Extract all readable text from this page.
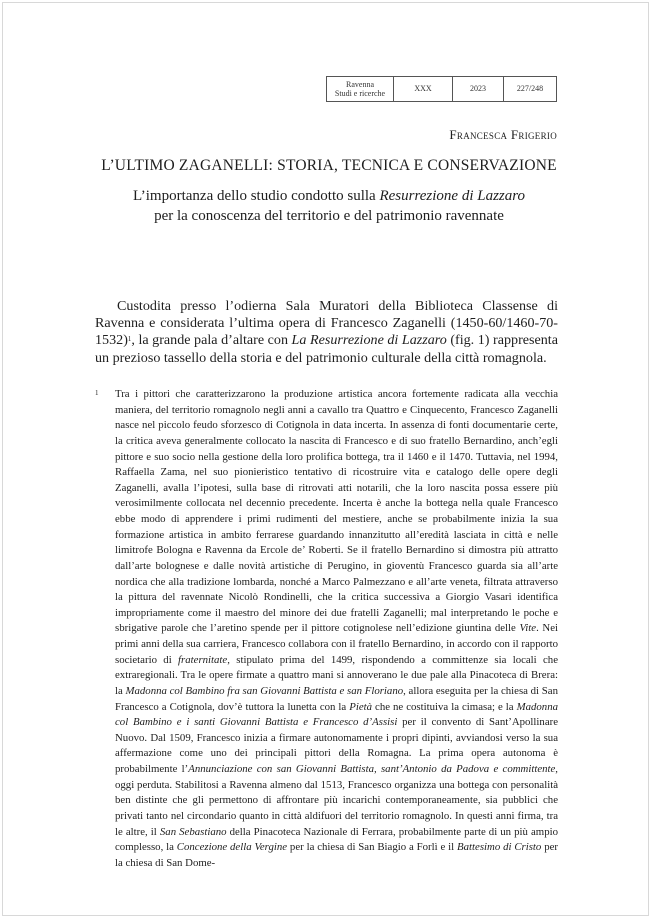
Ravenna
Studi e ricerche	XXX	2023	227/248
Francesca Frigerio
L’ULTIMO ZAGANELLI: STORIA, TECNICA E CONSERVAZIONE
L’importanza dello studio condotto sulla Resurrezione di Lazzaro
per la conoscenza del territorio e del patrimonio ravennate

Custodita presso l’odierna Sala Muratori della Biblioteca Classense di Ravenna e considerata l’ultima opera di Francesco Zaganelli $(1450-60/1460-70-1532)^1$, la grande pala d’altare con La Resurrezione di Lazzaro (fig. 1) rappresenta un prezioso tassello della storia e del patrimonio culturale della città romagnola.

1 Tra i pittori che caratterizzarono la produzione artistica ancora fortemente radicata alla vecchia maniera, del territorio romagnolo negli anni a cavallo tra Quattro e Cinquecento, Francesco Zaganelli nasce nel piccolo feudo sforzesco di Cotignola in data incerta. In assenza di fonti documentarie certe, la critica aveva generalmente collocato la nascita di Francesco e di suo fratello Bernardino, anch’egli pittore e suo socio nella gestione della loro prolifica bottega, tra il 1460 e il 1470. Tuttavia, nel 1994, Raffaella Zama, nel suo pionieristico tentativo di ricostruire vita e catalogo delle opere degli Zaganelli, avalla l’ipotesi, sulla base di ritrovati atti notarili, che la loro nascita possa essere più verosimilmente collocata nel decennio precedente. Incerta è anche la bottega nella quale Francesco ebbe modo di apprendere i primi rudimenti del mestiere, anche se probabilmente inizia la sua formazione artistica in ambito ferrarese guardando innanzitutto all’eredità lasciata in città e nelle limitrofe Bologna e Ravenna da Ercole de’ Roberti. Se il fratello Bernardino si dimostra più attratto dall’arte bolognese e dalle novità artistiche di Perugino, in gioventù Francesco guarda sia all’arte nordica che alla tradizione lombarda, nonché a Marco Palmezzano e all’arte veneta, filtrata attraverso la pittura del ravennate Nicolò Rondinelli, che la critica successiva a Giorgio Vasari identifica impropriamente come il maestro del minore dei due fratelli Zaganelli; mal interpretando le poche e sbrigative parole che l’aretino spende per il pittore cotignolese nell’edizione giuntina delle Vite. Nei primi anni della sua carriera, Francesco collabora con il fratello Bernardino, in accordo con il rapporto societario di fraternitate, stipulato prima del 1499, rispondendo a committenze sia locali che extraregionali. Tra le opere firmate a quattro mani si annoverano le due pale alla Pinacoteca di Brera: la Madonna col Bambino fra san Giovanni Battista e san Floriano, allora eseguita per la chiesa di San Francesco a Cotignola, dov’è tuttora la lunetta con la Pietà che ne costituiva la cimasa; e la Madonna col Bambino e i santi Giovanni Battista e Francesco d’Assisi per il convento di Sant’Apollinare Nuovo. Dal 1509, Francesco inizia a firmare autonomamente i propri dipinti, avviandosi verso la sua affermazione come uno dei principali pittori della Romagna. La prima opera autonoma è probabilmente l’Annunciazione con san Giovanni Battista, sant’Antonio da Padova e committente, oggi perduta. Stabilitosi a Ravenna almeno dal 1513, Francesco organizza una bottega con personalità ben distinte che gli permettono di affrontare più incarichi contemporaneamente, sia pubblici che privati tanto nel circondario quanto in città aldifuori del territorio romagnolo. In questi anni firma, tra le altre, il San Sebastiano della Pinacoteca Nazionale di Ferrara, probabilmente parte di un più ampio complesso, la Concezione della Vergine per la chiesa di San Biagio a Forlì e il Battesimo di Cristo per la chiesa di San Dome-
